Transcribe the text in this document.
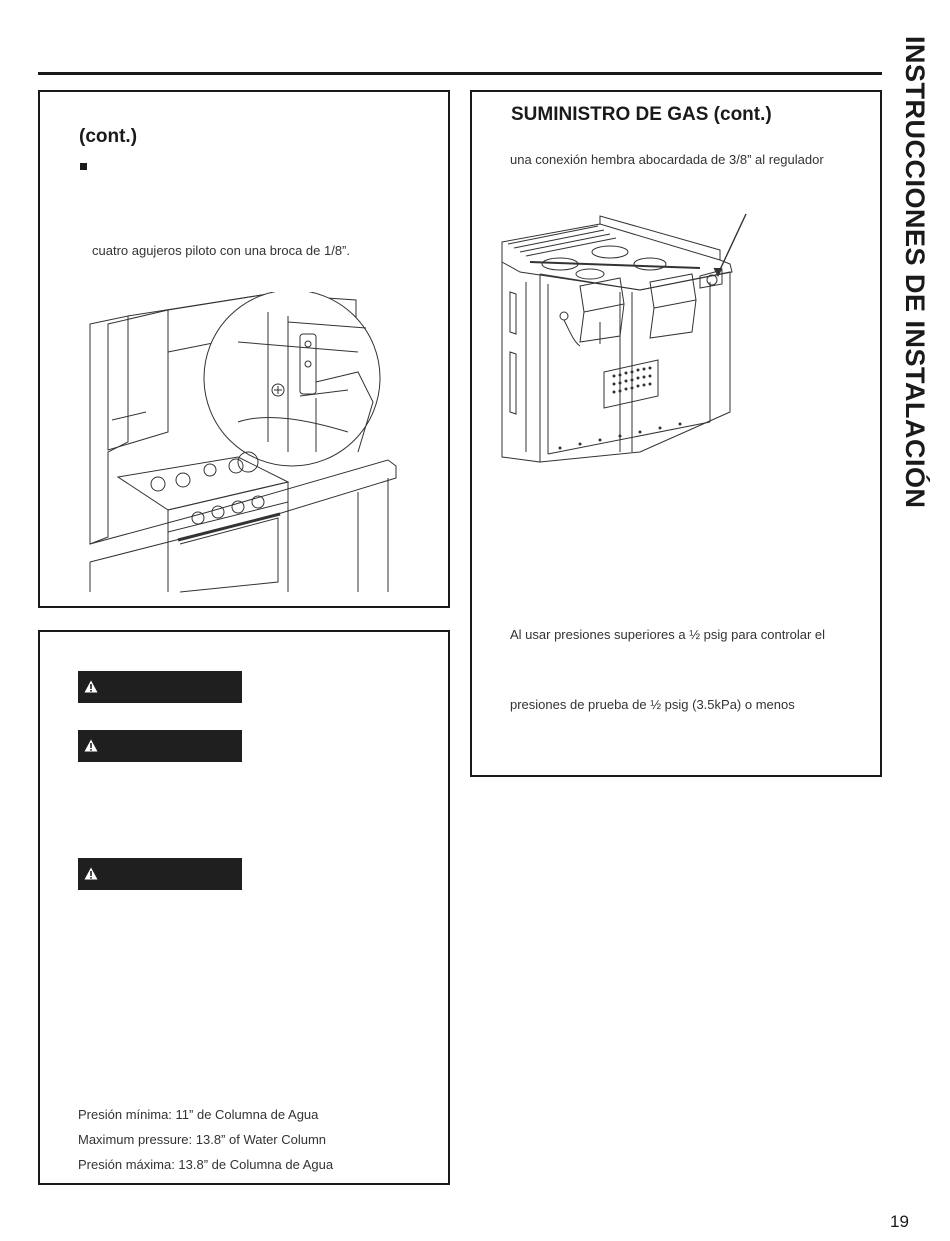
INSTRUCCIONES DE INSTALACIÓN
(cont.)

cuatro agujeros piloto con una broca de 1/8”.

Presión mínima: 11” de Columna de Agua

Maximum pressure: 13.8” of Water Column

Presión máxima: 13.8” de Columna de Agua

SUMINISTRO DE GAS (cont.)

una conexión hembra abocardada de 3/8” al regulador

Al usar presiones superiores a ½ psig para controlar el

presiones de prueba de ½ psig (3.5kPa) o menos

19
